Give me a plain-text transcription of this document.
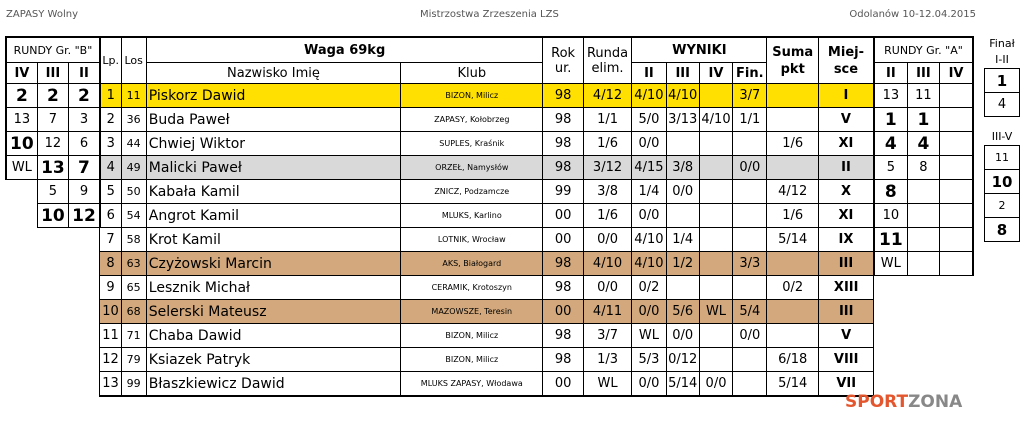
ZAPASY Wolny	Mistrzostwa Zrzeszenia LZS	Odolanów 10-12.04.2015
RUNDY Gr. "B"			Lp.	Los	Waga 69kg		Rok ur.	Runda elim.	WYNIKI				Suma pkt	Miej-sce	RUNDY Gr. "A"		
IV	III	II			Nazwisko Imię	Klub			II	III	IV	Fin.			II	III	IV
2	2	2	1	11	Piskorz Dawid	BIZON, Milicz	98	4/12	4/10	4/10		3/7		I	13	11	
13	7	3	2	36	Buda Paweł	ZAPASY, Kołobrzeg	98	1/1	5/0	3/13	4/10	1/1		V	1	1	
10	12	6	3	44	Chwiej Wiktor	SUPLES, Kraśnik	98	1/6	0/0				1/6	XI	4	4	
WL	13	7	4	49	Malicki Paweł	ORZEŁ, Namysłów	98	3/12	4/15	3/8		0/0		II	5	8	
	5	9	5	50	Kabała Kamil	ZNICZ, Podzamcze	99	3/8	1/4	0/0			4/12	X	8		
	10	12	6	54	Angrot Kamil	MLUKS, Karlino	00	1/6	0/0				1/6	XI	10		
			7	58	Krot Kamil	LOTNIK, Wrocław	00	0/0	4/10	1/4			5/14	IX	11		
			8	63	Czyżowski Marcin	AKS, Białogard	98	4/10	4/10	1/2		3/3		III	WL		
			9	65	Lesznik Michał	CERAMIK, Krotoszyn	98	0/0	0/2				0/2	XIII			
			10	68	Selerski Mateusz	MAZOWSZE, Teresin	00	4/11	0/0	5/6	WL	5/4		III			
			11	71	Chaba Dawid	BIZON, Milicz	98	3/7	WL	0/0		0/0		V			
			12	79	Ksiazek Patryk	BIZON, Milicz	98	1/3	5/3	0/12			6/18	VIII			
			13	99	Błaszkiewicz Dawid	MLUKS ZAPASY, Włodawa	00	WL	0/0	5/14	0/0		5/14	VII			
Finał
I-II
1
4
III-V
11
10
2
8
SPORTZONA
